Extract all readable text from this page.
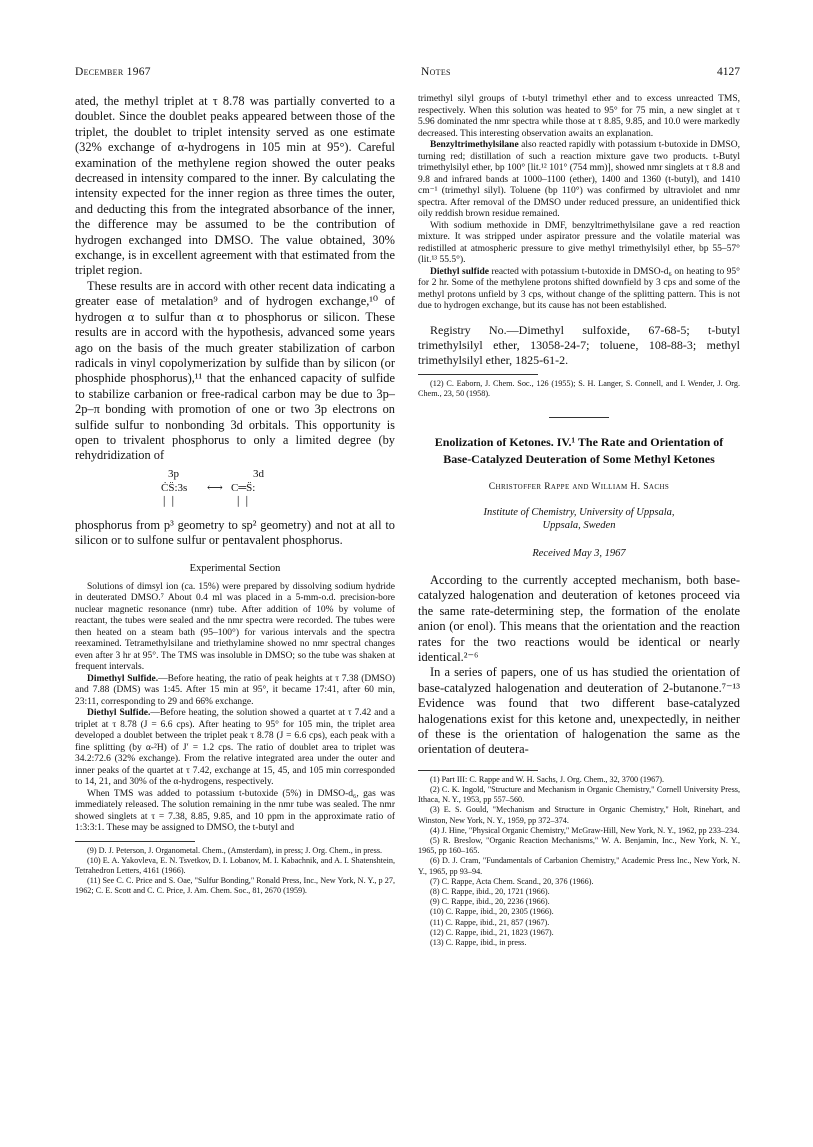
December 1967	Notes	4127

ated, the methyl triplet at τ 8.78 was partially converted to a doublet. Since the doublet peaks appeared between those of the triplet, the doublet to triplet intensity served as one estimate (32% exchange of α-hydrogens in 105 min at 95°). Careful examination of the methylene region showed the outer peaks decreased in intensity compared to the inner. By calculating the intensity expected for the inner region as three times the outer, and deducting this from the integrated absorbance of the inner, the difference may be assumed to be the contribution of hydrogen exchanged into DMSO. The value obtained, 30% exchange, is in excellent agreement with that estimated from the triplet region.

These results are in accord with other recent data indicating a greater ease of metalation⁹ and of hydrogen exchange,¹⁰ of hydrogen α to sulfur than α to phosphorus or silicon. These results are in accord with the hypothesis, advanced some years ago on the basis of the much greater stabilization of carbon radicals in vinyl copolymerization by sulfide than by silicon (or phosphide phosphorus),¹¹ that the enhanced capacity of sulfide to stabilize carbanion or free-radical carbon may be due to 3p–2p–π bonding with promotion of one or two 3p electrons on sulfide sulfur to nonbonding 3d orbitals. This opportunity is open to trivalent phosphorus to only a limited degree (by rehydridization of

3p	3d
ĊS̈:3s ⟷ C═S̈:
│ │	│ │

phosphorus from p³ geometry to sp² geometry) and not at all to silicon or to sulfone sulfur or pentavalent phosphorus.

Experimental Section

Solutions of dimsyl ion (ca. 15%) were prepared by dissolving sodium hydride in deuterated DMSO.⁷ About 0.4 ml was placed in a 5-mm-o.d. precision-bore nuclear magnetic resonance (nmr) tube. After addition of 10% by volume of reactant, the tubes were sealed and the nmr spectra were recorded. The tubes were then heated on a steam bath (95–100°) for various intervals and the spectra reexamined. Tetramethylsilane and triethylamine showed no nmr spectral changes even after 3 hr at 95°. The TMS was insoluble in DMSO; so the tube was shaken at frequent intervals.

Dimethyl Sulfide.—Before heating, the ratio of peak heights at τ 7.38 (DMSO) and 7.88 (DMS) was 1:45. After 15 min at 95°, it became 17:41, after 60 min, 23:11, corresponding to 29 and 66% exchange.

Diethyl Sulfide.—Before heating, the solution showed a quartet at τ 7.42 and a triplet at τ 8.78 (J = 6.6 cps). After heating to 95° for 105 min, the triplet area developed a doublet between the triplet peak τ 8.78 (J = 6.6 cps), each peak with a fine splitting (by α-²H) of J′ = 1.2 cps. The ratio of doublet area to triplet was 34.2:72.6 (32% exchange). From the relative integrated area under the outer and inner peaks of the quartet at τ 7.42, exchange at 15, 45, and 105 min corresponded to 14, 21, and 30% of the α-hydrogens, respectively.

When TMS was added to potassium t-butoxide (5%) in DMSO-d₆, gas was immediately released. The solution remaining in the nmr tube was sealed. The nmr showed singlets at τ = 7.38, 8.85, 9.85, and 10 ppm in the approximate ratio of 1:3:3:1. These may be assigned to DMSO, the t-butyl and

(9) D. J. Peterson, J. Organometal. Chem., (Amsterdam), in press; J. Org. Chem., in press.

(10) E. A. Yakovleva, E. N. Tsvetkov, D. I. Lobanov, M. I. Kabachnik, and A. I. Shatenshtein, Tetrahedron Letters, 4161 (1966).

(11) See C. C. Price and S. Oae, "Sulfur Bonding," Ronald Press, Inc., New York, N. Y., p 27, 1962; C. E. Scott and C. C. Price, J. Am. Chem. Soc., 81, 2670 (1959).

trimethyl silyl groups of t-butyl trimethyl ether and to excess unreacted TMS, respectively. When this solution was heated to 95° for 75 min, a new singlet at τ 5.96 dominated the nmr spectra while those at τ 8.85, 9.85, and 10.0 were markedly decreased. This interesting observation awaits an explanation.

Benzyltrimethylsilane also reacted rapidly with potassium t-butoxide in DMSO, turning red; distillation of such a reaction mixture gave two products. t-Butyl trimethylsilyl ether, bp 100° [lit.¹² 101° (754 mm)], showed nmr singlets at τ 8.8 and 9.8 and infrared bands at 1000–1100 (ether), 1400 and 1360 (t-butyl), and 1410 cm⁻¹ (trimethyl silyl). Toluene (bp 110°) was confirmed by ultraviolet and nmr spectra. After removal of the DMSO under reduced pressure, an unidentified thick oily reddish brown residue remained.

With sodium methoxide in DMF, benzyltrimethylsilane gave a red reaction mixture. It was stripped under aspirator pressure and the volatile material was redistilled at atmospheric pressure to give methyl trimethylsilyl ether, bp 55–57° (lit.¹³ 55.5°).

Diethyl sulfide reacted with potassium t-butoxide in DMSO-d₆ on heating to 95° for 2 hr. Some of the methylene protons shifted downfield by 3 cps and some of the methyl protons unfield by 3 cps, without change of the splitting pattern. This is not due to hydrogen exchange, but its cause has not been established.

Registry No.—Dimethyl sulfoxide, 67-68-5; t-butyl trimethylsilyl ether, 13058-24-7; toluene, 108-88-3; methyl trimethylsilyl ether, 1825-61-2.

(12) C. Eaborn, J. Chem. Soc., 126 (1955); S. H. Langer, S. Connell, and I. Wender, J. Org. Chem., 23, 50 (1958).

Enolization of Ketones. IV.¹ The Rate and Orientation of Base-Catalyzed Deuteration of Some Methyl Ketones
Christoffer Rappe and William H. Sachs
Institute of Chemistry, University of Uppsala,
Uppsala, Sweden
Received May 3, 1967

According to the currently accepted mechanism, both base-catalyzed halogenation and deuteration of ketones proceed via the same rate-determining step, the formation of the enolate anion (or enol). This means that the orientation and the reaction rates for the two reactions would be identical or nearly identical.²⁻⁶

In a series of papers, one of us has studied the orientation of base-catalyzed halogenation and deuteration of 2-butanone.⁷⁻¹³ Evidence was found that two different base-catalyzed halogenations exist for this ketone and, unexpectedly, in neither of these is the orientation of halogenation the same as the orientation of deutera-

(1) Part III: C. Rappe and W. H. Sachs, J. Org. Chem., 32, 3700 (1967).

(2) C. K. Ingold, "Structure and Mechanism in Organic Chemistry," Cornell University Press, Ithaca, N. Y., 1953, pp 557–560.

(3) E. S. Gould, "Mechanism and Structure in Organic Chemistry," Holt, Rinehart, and Winston, New York, N. Y., 1959, pp 372–374.

(4) J. Hine, "Physical Organic Chemistry," McGraw-Hill, New York, N. Y., 1962, pp 233–234.

(5) R. Breslow, "Organic Reaction Mechanisms," W. A. Benjamin, Inc., New York, N. Y., 1965, pp 160–165.

(6) D. J. Cram, "Fundamentals of Carbanion Chemistry," Academic Press Inc., New York, N. Y., 1965, pp 93–94.

(7) C. Rappe, Acta Chem. Scand., 20, 376 (1966).

(8) C. Rappe, ibid., 20, 1721 (1966).

(9) C. Rappe, ibid., 20, 2236 (1966).

(10) C. Rappe, ibid., 20, 2305 (1966).

(11) C. Rappe, ibid., 21, 857 (1967).

(12) C. Rappe, ibid., 21, 1823 (1967).

(13) C. Rappe, ibid., in press.
